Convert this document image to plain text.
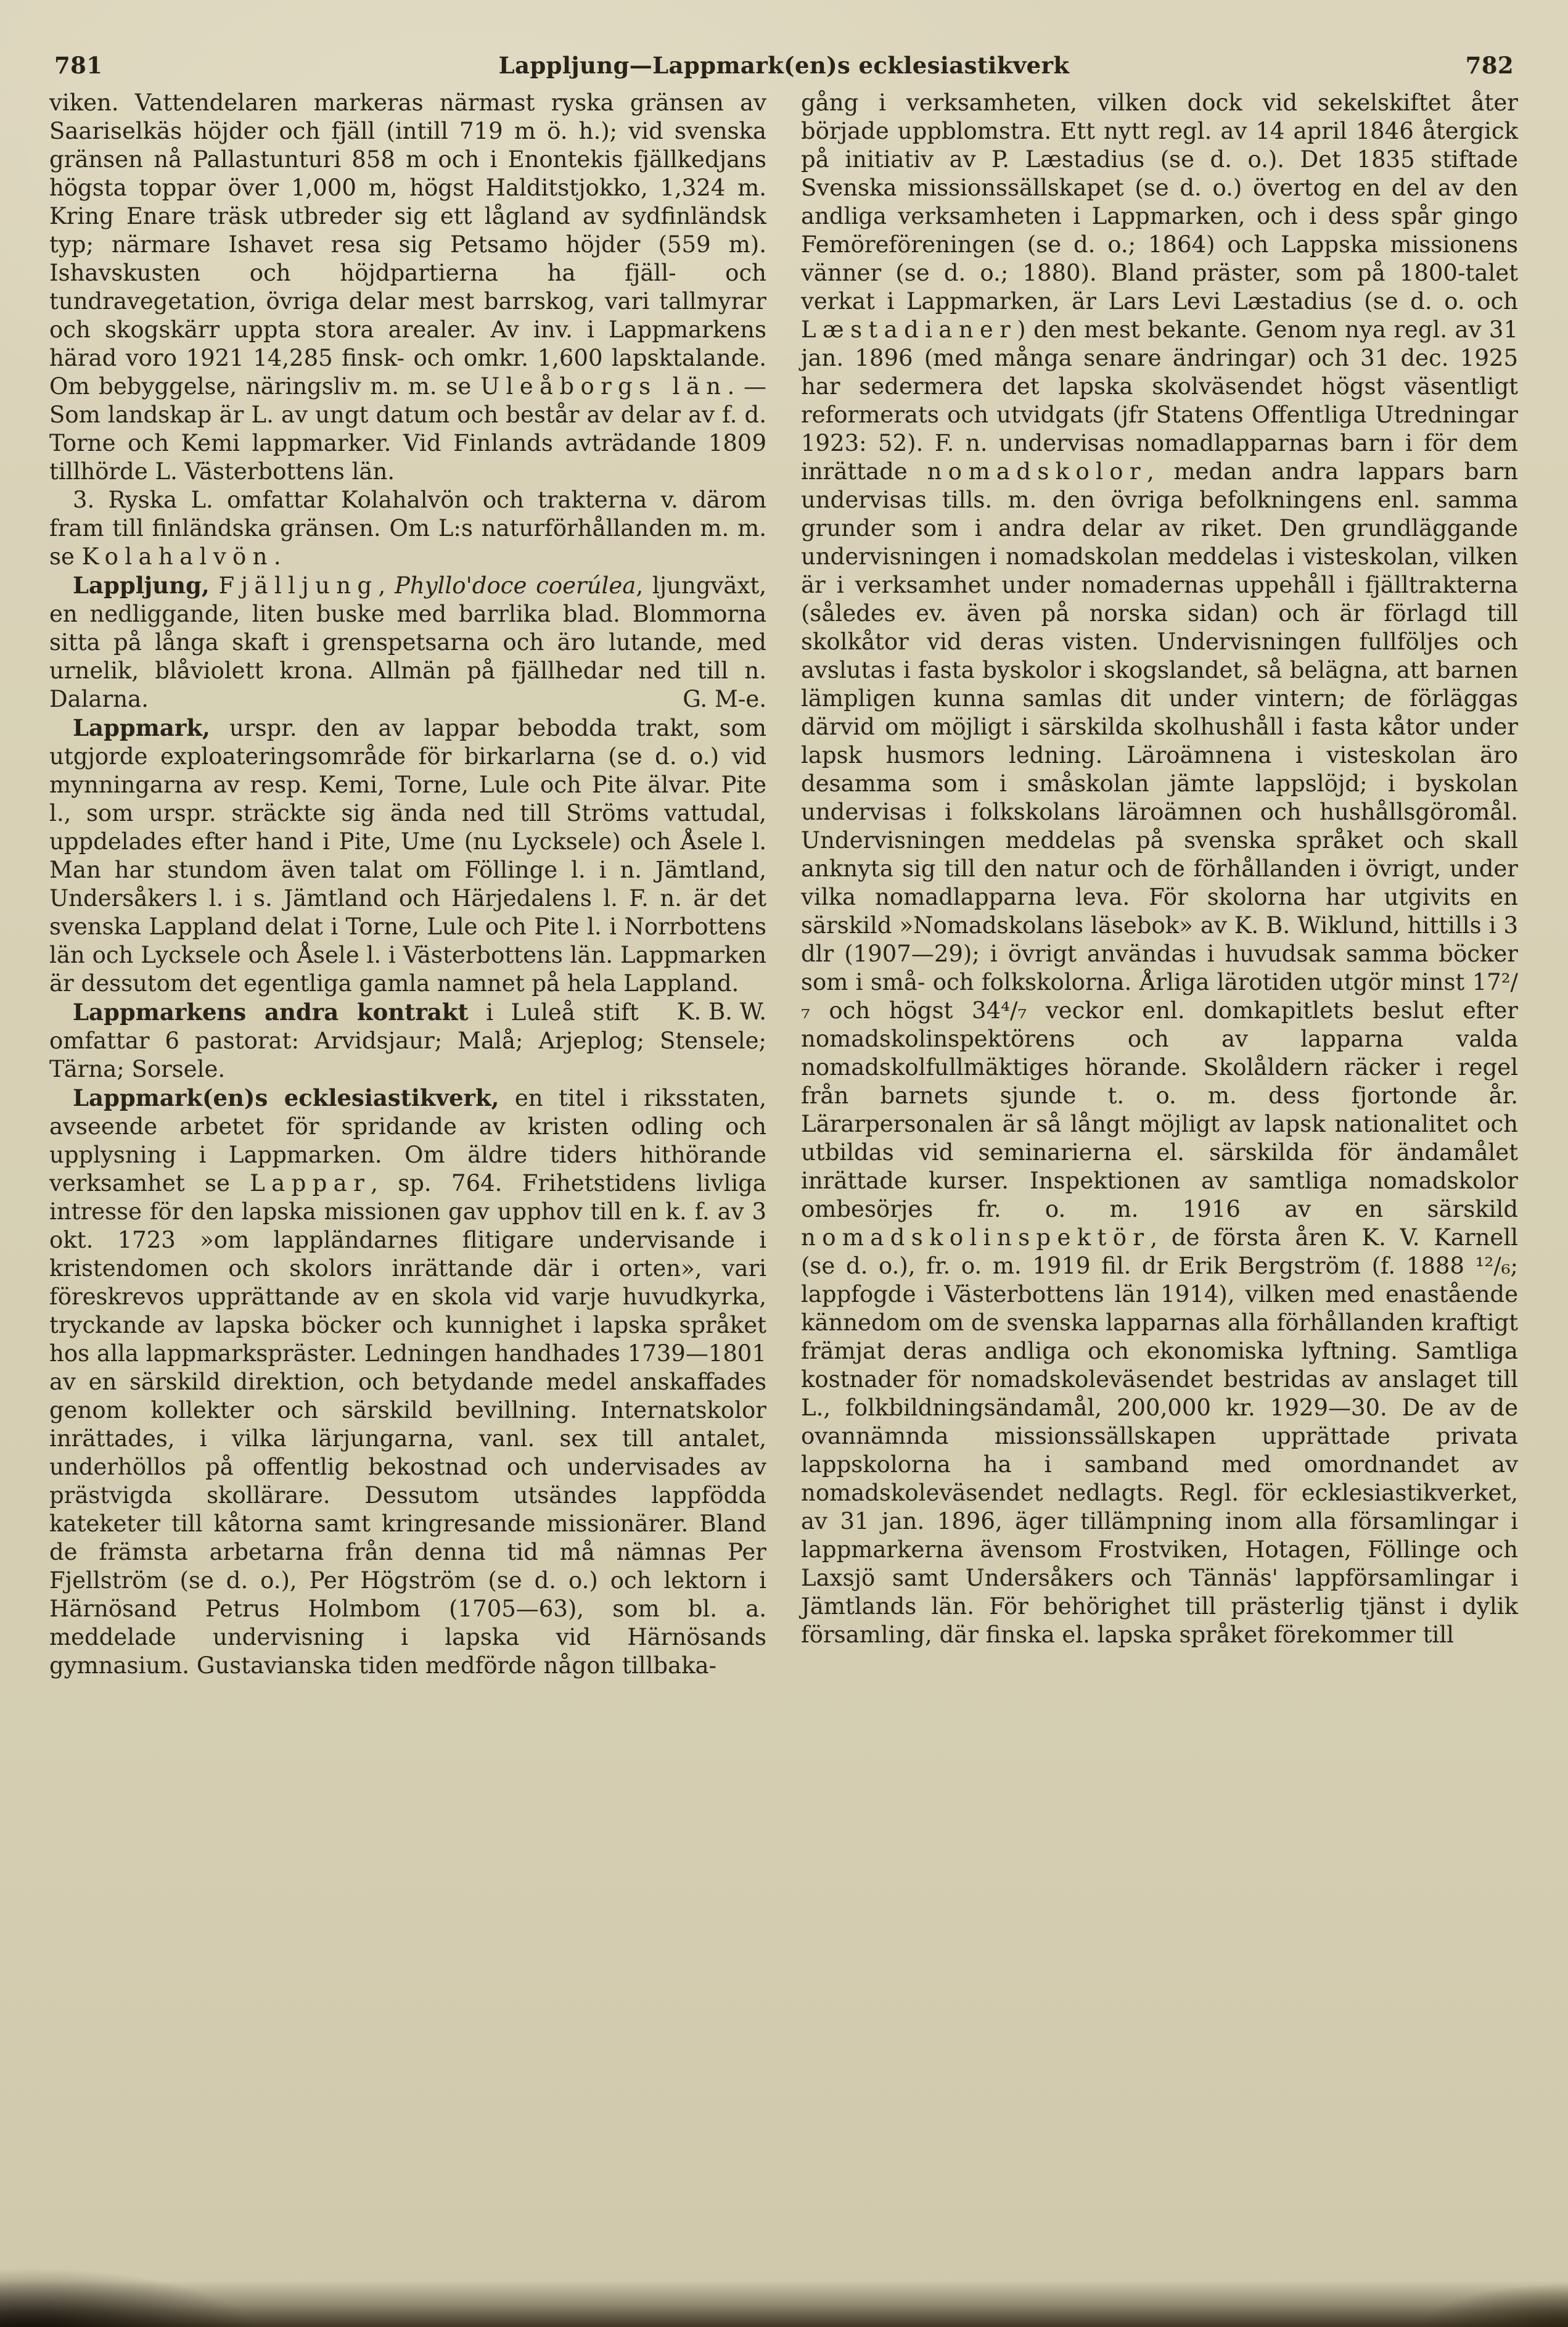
781	Lappljung—Lappmark(en)s ecklesiastikverk	782

viken. Vattendelaren markeras närmast ryska gränsen av Saariselkäs höjder och fjäll (intill 719 m ö. h.); vid svenska gränsen nå Pallastunturi 858 m och i Enontekis fjällkedjans högsta toppar över 1,000 m, högst Halditstjokko, 1,324 m. Kring Enare träsk utbreder sig ett lågland av sydfinländsk typ; närmare Ishavet resa sig Petsamo höjder (559 m). Ishavskusten och höjdpartierna ha fjäll- och tundravegetation, övriga delar mest barrskog, vari tallmyrar och skogskärr uppta stora arealer. Av inv. i Lappmarkens härad voro 1921 14,285 finsk- och omkr. 1,600 lapsktalande. Om bebyggelse, näringsliv m. m. se Uleåborgs län. — Som landskap är L. av ungt datum och består av delar av f. d. Torne och Kemi lappmarker. Vid Finlands avträdande 1809 tillhörde L. Västerbottens län.

3. Ryska L. omfattar Kolahalvön och trakterna v. därom fram till finländska gränsen. Om L:s naturförhållanden m. m. se Kolahalvön.

Lappljung, Fjälljung, Phyllo'doce coerúlea, ljungväxt, en nedliggande, liten buske med barrlika blad. Blommorna sitta på långa skaft i grenspetsarna och äro lutande, med urnelik, blåviolett krona. Allmän på fjällhedar ned till n. Dalarna.	G. M-e.

Lappmark, urspr. den av lappar bebodda trakt, som utgjorde exploateringsområde för birkarlarna (se d. o.) vid mynningarna av resp. Kemi, Torne, Lule och Pite älvar. Pite l., som urspr. sträckte sig ända ned till Ströms vattudal, uppdelades efter hand i Pite, Ume (nu Lycksele) och Åsele l. Man har stundom även talat om Föllinge l. i n. Jämtland, Undersåkers l. i s. Jämtland och Härjedalens l. F. n. är det svenska Lappland delat i Torne, Lule och Pite l. i Norrbottens län och Lycksele och Åsele l. i Västerbottens län. Lappmarken är dessutom det egentliga gamla namnet på hela Lappland.
K. B. W.

Lappmarkens andra kontrakt i Luleå stift omfattar 6 pastorat: Arvidsjaur; Malå; Arjeplog; Stensele; Tärna; Sorsele.

Lappmark(en)s ecklesiastikverk, en titel i riksstaten, avseende arbetet för spridande av kristen odling och upplysning i Lappmarken. Om äldre tiders hithörande verksamhet se Lappar, sp. 764. Frihetstidens livliga intresse för den lapska missionen gav upphov till en k. f. av 3 okt. 1723 »om lappländarnes flitigare undervisande i kristendomen och skolors inrättande där i orten», vari föreskrevos upprättande av en skola vid varje huvudkyrka, tryckande av lapska böcker och kunnighet i lapska språket hos alla lappmarkspräster. Ledningen handhades 1739—1801 av en särskild direktion, och betydande medel anskaffades genom kollekter och särskild bevillning. Internatskolor inrättades, i vilka lärjungarna, vanl. sex till antalet, underhöllos på offentlig bekostnad och undervisades av prästvigda skollärare. Dessutom utsändes lappfödda kateketer till kåtorna samt kringresande missionärer. Bland de främsta arbetarna från denna tid må nämnas Per Fjellström (se d. o.), Per Högström (se d. o.) och lektorn i Härnösand Petrus Holmbom (1705—63), som bl. a. meddelade undervisning i lapska vid Härnösands gymnasium. Gustavianska tiden medförde någon tillbaka-

gång i verksamheten, vilken dock vid sekelskiftet åter började uppblomstra. Ett nytt regl. av 14 april 1846 återgick på initiativ av P. Læstadius (se d. o.). Det 1835 stiftade Svenska missionssällskapet (se d. o.) övertog en del av den andliga verksamheten i Lappmarken, och i dess spår gingo Femöreföreningen (se d. o.; 1864) och Lappska missionens vänner (se d. o.; 1880). Bland präster, som på 1800-talet verkat i Lappmarken, är Lars Levi Læstadius (se d. o. och Læstadianer) den mest bekante. Genom nya regl. av 31 jan. 1896 (med många senare ändringar) och 31 dec. 1925 har sedermera det lapska skolväsendet högst väsentligt reformerats och utvidgats (jfr Statens Offentliga Utredningar 1923: 52). F. n. undervisas nomadlapparnas barn i för dem inrättade nomadskolor, medan andra lappars barn undervisas tills. m. den övriga befolkningens enl. samma grunder som i andra delar av riket. Den grundläggande undervisningen i nomadskolan meddelas i visteskolan, vilken är i verksamhet under nomadernas uppehåll i fjälltrakterna (således ev. även på norska sidan) och är förlagd till skolkåtor vid deras visten. Undervisningen fullföljes och avslutas i fasta byskolor i skogslandet, så belägna, att barnen lämpligen kunna samlas dit under vintern; de förläggas därvid om möjligt i särskilda skolhushåll i fasta kåtor under lapsk husmors ledning. Läroämnena i visteskolan äro desamma som i småskolan jämte lappslöjd; i byskolan undervisas i folkskolans läroämnen och hushållsgöromål. Undervisningen meddelas på svenska språket och skall anknyta sig till den natur och de förhållanden i övrigt, under vilka nomadlapparna leva. För skolorna har utgivits en särskild »Nomadskolans läsebok» av K. B. Wiklund, hittills i 3 dlr (1907—29); i övrigt användas i huvudsak samma böcker som i små- och folkskolorna. Årliga lärotiden utgör minst 17²/₇ och högst 34⁴/₇ veckor enl. domkapitlets beslut efter nomadskolinspektörens och av lapparna valda nomadskolfullmäktiges hörande. Skolåldern räcker i regel från barnets sjunde t. o. m. dess fjortonde år. Lärarpersonalen är så långt möjligt av lapsk nationalitet och utbildas vid seminarierna el. särskilda för ändamålet inrättade kurser. Inspektionen av samtliga nomadskolor ombesörjes fr. o. m. 1916 av en särskild nomadskolinspektör, de första åren K. V. Karnell (se d. o.), fr. o. m. 1919 fil. dr Erik Bergström (f. 1888 ¹²/₆; lappfogde i Västerbottens län 1914), vilken med enastående kännedom om de svenska lapparnas alla förhållanden kraftigt främjat deras andliga och ekonomiska lyftning. Samtliga kostnader för nomadskoleväsendet bestridas av anslaget till L., folkbildningsändamål, 200,000 kr. 1929—30. De av de ovannämnda missionssällskapen upprättade privata lappskolorna ha i samband med omordnandet av nomadskoleväsendet nedlagts. Regl. för ecklesiastikverket, av 31 jan. 1896, äger tillämpning inom alla församlingar i lappmarkerna ävensom Frostviken, Hotagen, Föllinge och Laxsjö samt Undersåkers och Tännäs' lappförsamlingar i Jämtlands län. För behörighet till prästerlig tjänst i dylik församling, där finska el. lapska språket förekommer till
